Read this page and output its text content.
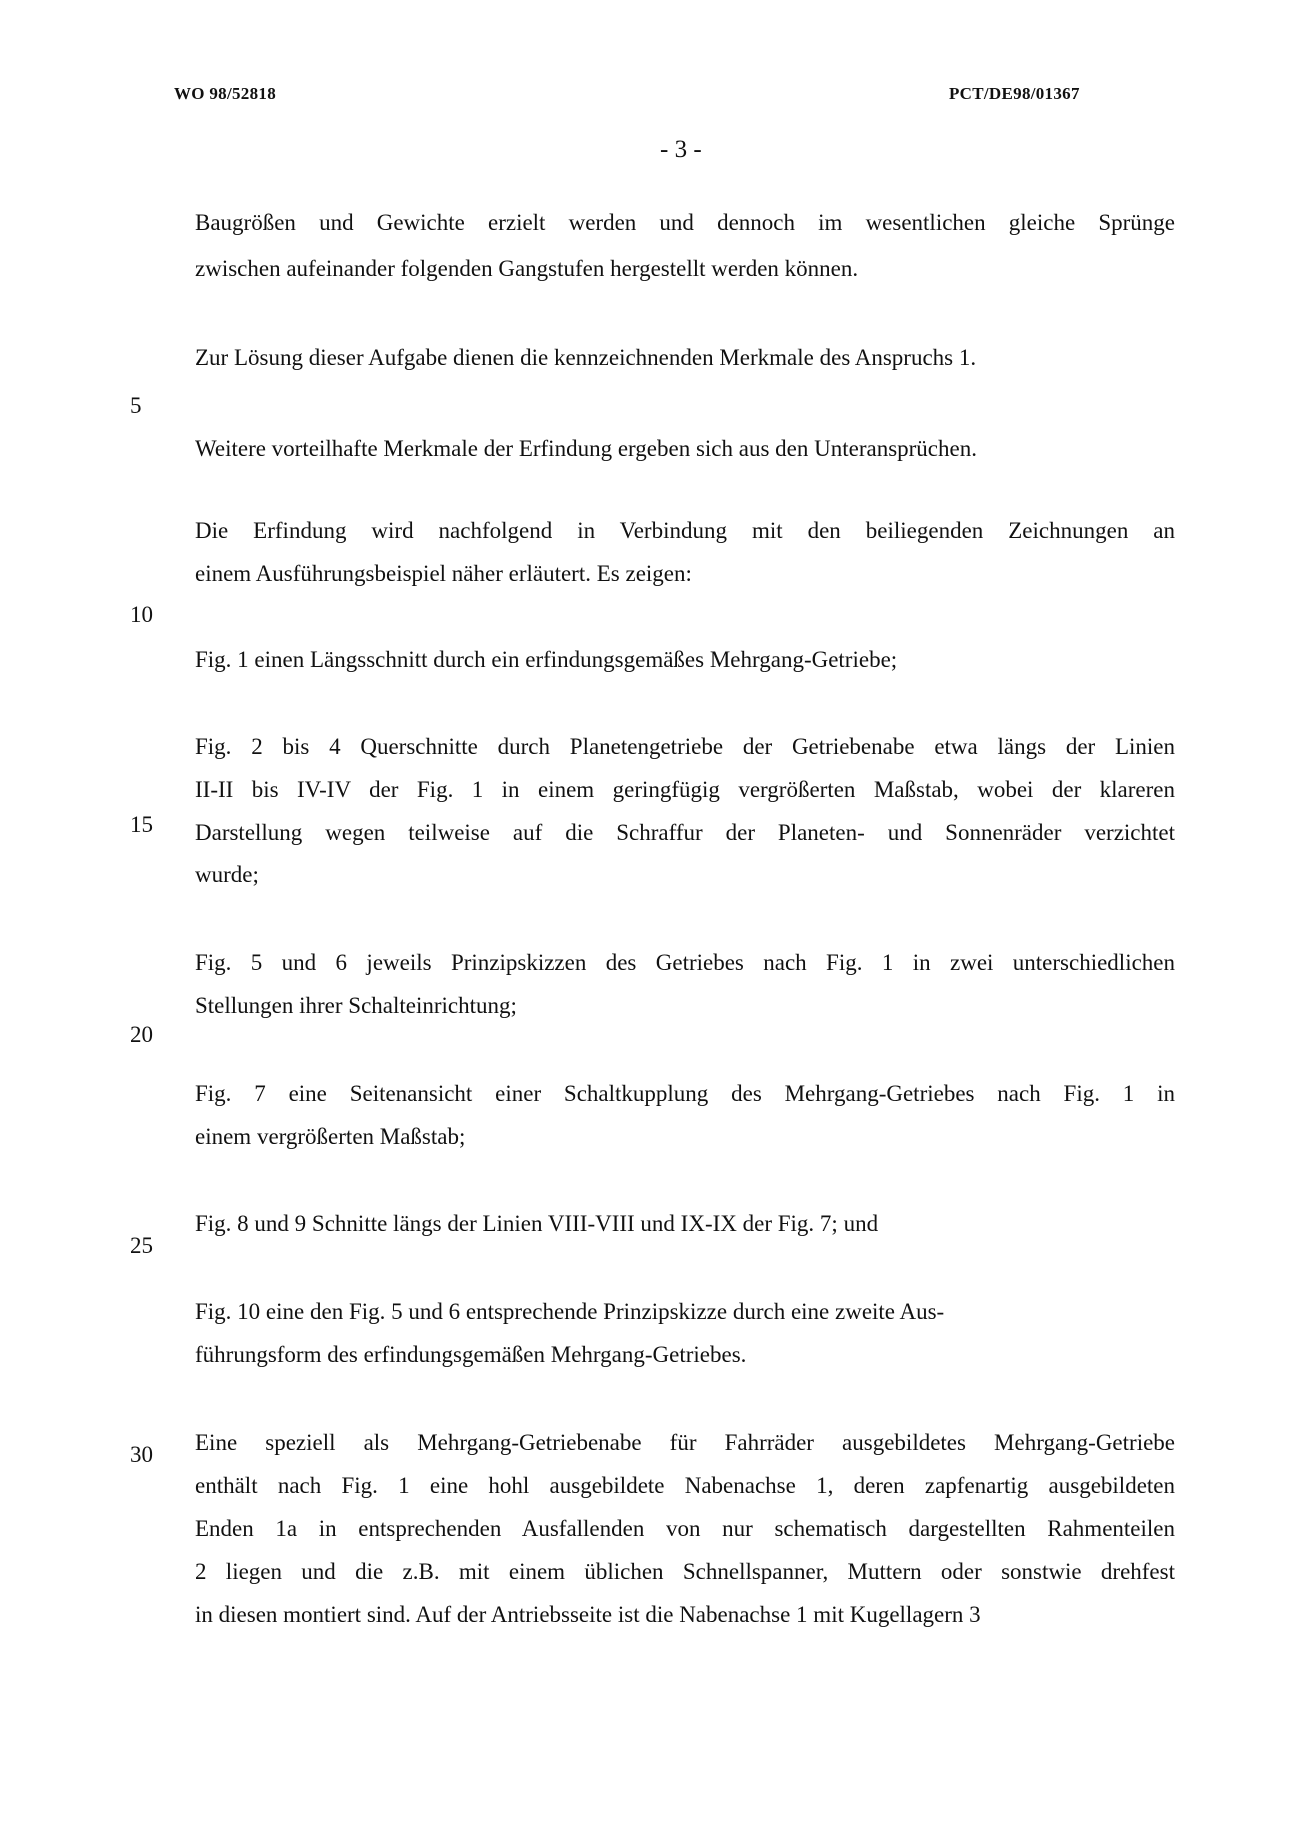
WO 98/52818	PCT/DE98/01367
- 3 -
5
10
15
20
25
30
Baugrößen und Gewichte erzielt werden und dennoch im wesentlichen gleiche Sprünge
zwischen aufeinander folgenden Gangstufen hergestellt werden können.
Zur Lösung dieser Aufgabe dienen die kennzeichnenden Merkmale des Anspruchs 1.
Weitere vorteilhafte Merkmale der Erfindung ergeben sich aus den Unteransprüchen.
Die Erfindung wird nachfolgend in Verbindung mit den beiliegenden Zeichnungen an
einem Ausführungsbeispiel näher erläutert. Es zeigen:
Fig. 1 einen Längsschnitt durch ein erfindungsgemäßes Mehrgang-Getriebe;
Fig. 2 bis 4 Querschnitte durch Planetengetriebe der Getriebenabe etwa längs der Linien
II-II bis IV-IV der Fig. 1 in einem geringfügig vergrößerten Maßstab, wobei der klareren
Darstellung wegen teilweise auf die Schraffur der Planeten- und Sonnenräder verzichtet
wurde;
Fig. 5 und 6 jeweils Prinzipskizzen des Getriebes nach Fig. 1 in zwei unterschiedlichen
Stellungen ihrer Schalteinrichtung;
Fig. 7 eine Seitenansicht einer Schaltkupplung des Mehrgang-Getriebes nach Fig. 1 in
einem vergrößerten Maßstab;
Fig. 8 und 9 Schnitte längs der Linien VIII-VIII und IX-IX der Fig. 7; und
Fig. 10 eine den Fig. 5 und 6 entsprechende Prinzipskizze durch eine zweite Aus-
führungsform des erfindungsgemäßen Mehrgang-Getriebes.
Eine speziell als Mehrgang-Getriebenabe für Fahrräder ausgebildetes Mehrgang-Getriebe
enthält nach Fig. 1 eine hohl ausgebildete Nabenachse 1, deren zapfenartig ausgebildeten
Enden 1a in entsprechenden Ausfallenden von nur schematisch dargestellten Rahmenteilen
2 liegen und die z.B. mit einem üblichen Schnellspanner, Muttern oder sonstwie drehfest
in diesen montiert sind. Auf der Antriebsseite ist die Nabenachse 1 mit Kugellagern 3
